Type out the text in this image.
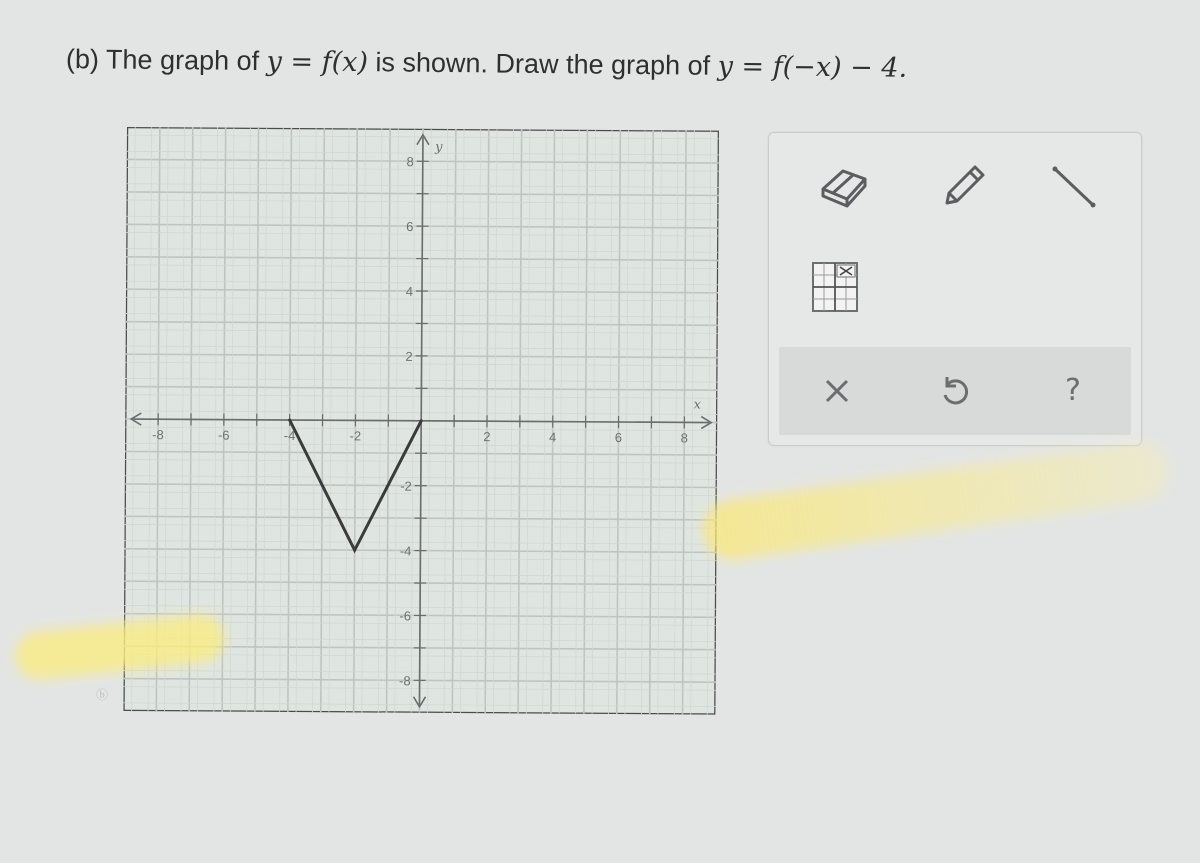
(b) The graph of y = f(x) is shown. Draw the graph of y = f(−x) − 4.
-8	-6	-4	-2	2	4	6	8
8
6
4
2
-2
-4
-6
-8
x
y
?
ⓑ
